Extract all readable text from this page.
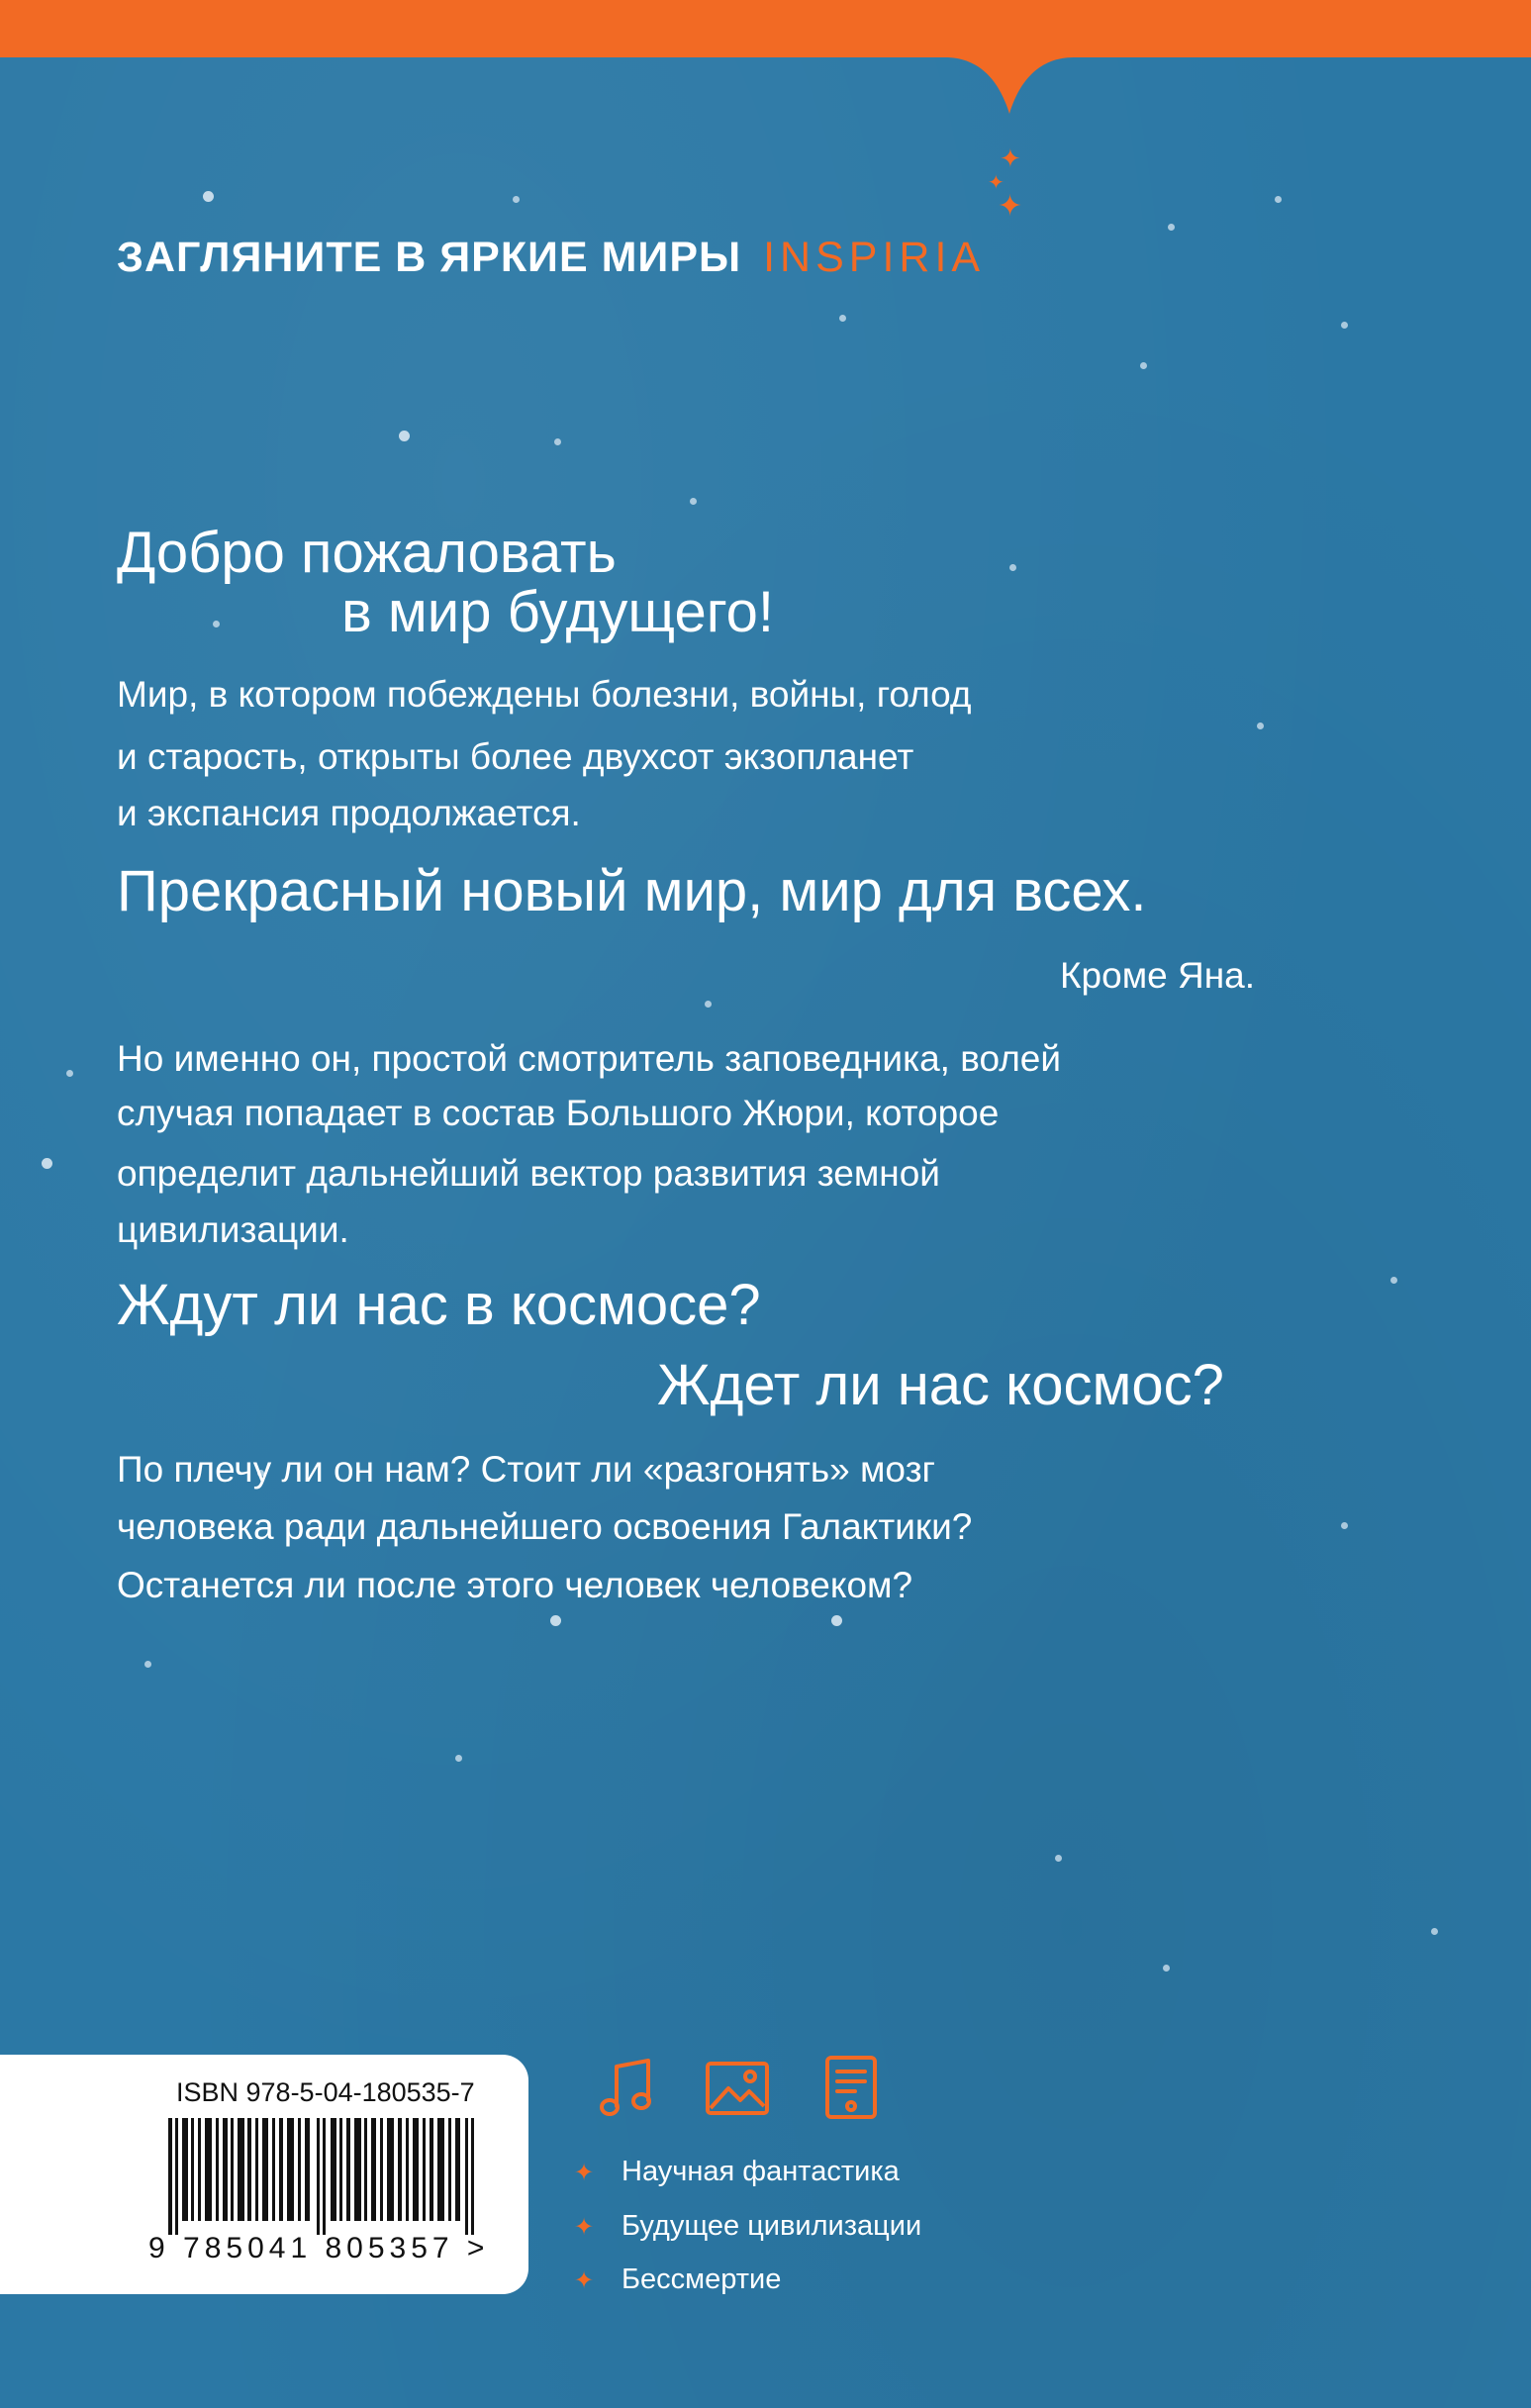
✦
✦
✦
ЗАГЛЯНИТЕ В ЯРКИЕ МИРЫ INSPIRIA
Добро пожаловать
в мир будущего!
Мир, в котором побеждены болезни, войны, голод
и старость, открыты более двухсот экзопланет
и экспансия продолжается.
Прекрасный новый мир, мир для всех.
Кроме Яна.
Но именно он, простой смотритель заповедника, волей
случая попадает в состав Большого Жюри, которое
определит дальнейший вектор развития земной
цивилизации.
Ждут ли нас в космосе?
Ждет ли нас космос?
По плечу ли он нам? Стоит ли «разгонять» мозг
человека ради дальнейшего освоения Галактики?
Останется ли после этого человек человеком?
ISBN 978-5-04-180535-7
9 785041 805357 >
✦ Научная фантастика
✦ Будущее цивилизации
✦ Бессмертие
